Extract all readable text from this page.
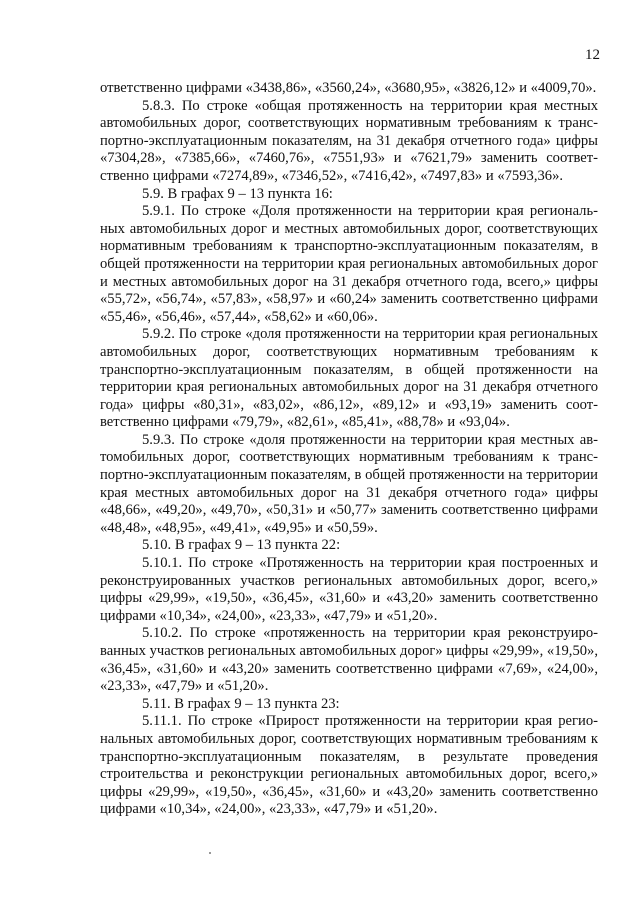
12

ответственно цифрами «3438,86», «3560,24», «3680,95», «3826,12» и «4009,70».

5.8.3. По строке «общая протяженность на территории края местных автомобильных дорог, соответствующих нормативным требованиям к транспортно-эксплуатационным показателям, на 31 декабря отчетного года» цифры «7304,28», «7385,66», «7460,76», «7551,93» и «7621,79» заменить соответственно цифрами «7274,89», «7346,52», «7416,42», «7497,83» и «7593,36».

5.9. В графах 9 – 13 пункта 16:

5.9.1. По строке «Доля протяженности на территории края региональных автомобильных дорог и местных автомобильных дорог, соответствующих нормативным требованиям к транспортно-эксплуатационным показателям, в общей протяженности на территории края региональных автомобильных дорог и местных автомобильных дорог на 31 декабря отчетного года, всего,» цифры «55,72», «56,74», «57,83», «58,97» и «60,24» заменить соответственно цифрами «55,46», «56,46», «57,44», «58,62» и «60,06».

5.9.2. По строке «доля протяженности на территории края региональных автомобильных дорог, соответствующих нормативным требованиям к транспортно-эксплуатационным показателям, в общей протяженности на территории края региональных автомобильных дорог на 31 декабря отчетного года» цифры «80,31», «83,02», «86,12», «89,12» и «93,19» заменить соответственно цифрами «79,79», «82,61», «85,41», «88,78» и «93,04».

5.9.3. По строке «доля протяженности на территории края местных автомобильных дорог, соответствующих нормативным требованиям к транспортно-эксплуатационным показателям, в общей протяженности на территории края местных автомобильных дорог на 31 декабря отчетного года» цифры «48,66», «49,20», «49,70», «50,31» и «50,77» заменить соответственно цифрами «48,48», «48,95», «49,41», «49,95» и «50,59».

5.10. В графах 9 – 13 пункта 22:

5.10.1. По строке «Протяженность на территории края построенных и реконструированных участков региональных автомобильных дорог, всего,» цифры «29,99», «19,50», «36,45», «31,60» и «43,20» заменить соответственно цифрами «10,34», «24,00», «23,33», «47,79» и «51,20».

5.10.2. По строке «протяженность на территории края реконструированных участков региональных автомобильных дорог» цифры «29,99», «19,50», «36,45», «31,60» и «43,20» заменить соответственно цифрами «7,69», «24,00», «23,33», «47,79» и «51,20».

5.11. В графах 9 – 13 пункта 23:

5.11.1. По строке «Прирост протяженности на территории края региональных автомобильных дорог, соответствующих нормативным требованиям к транспортно-эксплуатационным показателям, в результате проведения строительства и реконструкции региональных автомобильных дорог, всего,» цифры «29,99», «19,50», «36,45», «31,60» и «43,20» заменить соответственно цифрами «10,34», «24,00», «23,33», «47,79» и «51,20».
